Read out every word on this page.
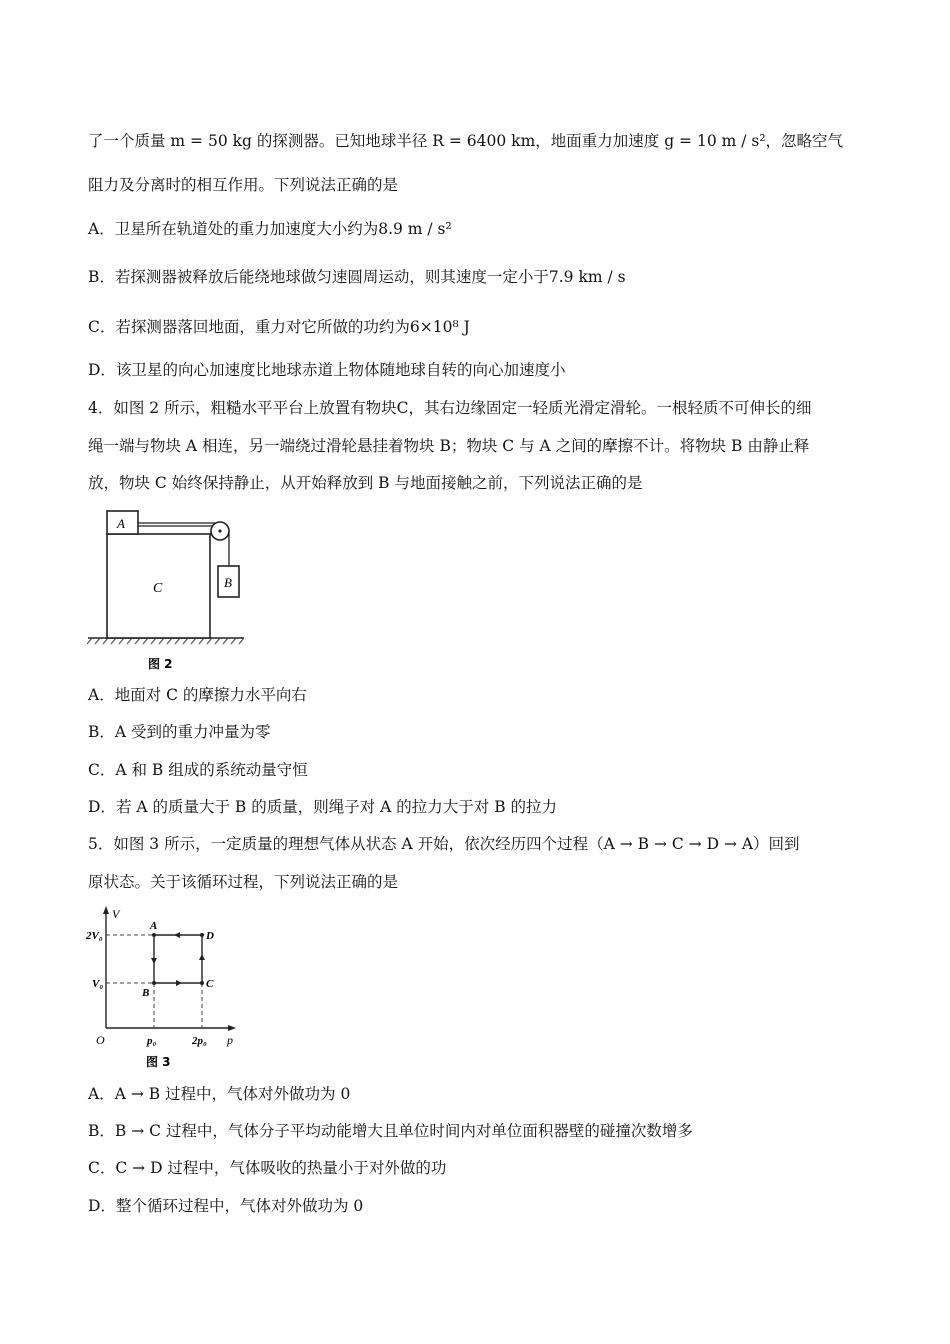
了一个质量 m = 50 kg 的探测器。已知地球半径 R = 6400 km，地面重力加速度 g = 10 m / s²，忽略空气
阻力及分离时的相互作用。下列说法正确的是
A．卫星所在轨道处的重力加速度大小约为8.9 m / s²
B．若探测器被释放后能绕地球做匀速圆周运动，则其速度一定小于7.9 km / s
C．若探测器落回地面，重力对它所做的功约为6×10⁸ J
D．该卫星的向心加速度比地球赤道上物体随地球自转的向心加速度小
4．如图 2 所示，粗糙水平平台上放置有物块C，其右边缘固定一轻质光滑定滑轮。一根轻质不可伸长的细
绳一端与物块 A 相连，另一端绕过滑轮悬挂着物块 B；物块 C 与 A 之间的摩擦不计。将物块 B 由静止释
放，物块 C 始终保持静止，从开始释放到 B 与地面接触之前，下列说法正确的是
A
C	B
图 2
A．地面对 C 的摩擦力水平向右
B．A 受到的重力冲量为零
C．A 和 B 组成的系统动量守恒
D．若 A 的质量大于 B 的质量，则绳子对 A 的拉力大于对 B 的拉力
5．如图 3 所示，一定质量的理想气体从状态 A 开始，依次经历四个过程（A → B → C → D → A）回到
原状态。关于该循环过程，下列说法正确的是
V
p
O
2V₀
V₀
p₀	2p₀
A
B
C
D
图 3
A．A → B 过程中，气体对外做功为 0
B．B → C 过程中，气体分子平均动能增大且单位时间内对单位面积器壁的碰撞次数增多
C．C → D 过程中，气体吸收的热量小于对外做的功
D．整个循环过程中，气体对外做功为 0
